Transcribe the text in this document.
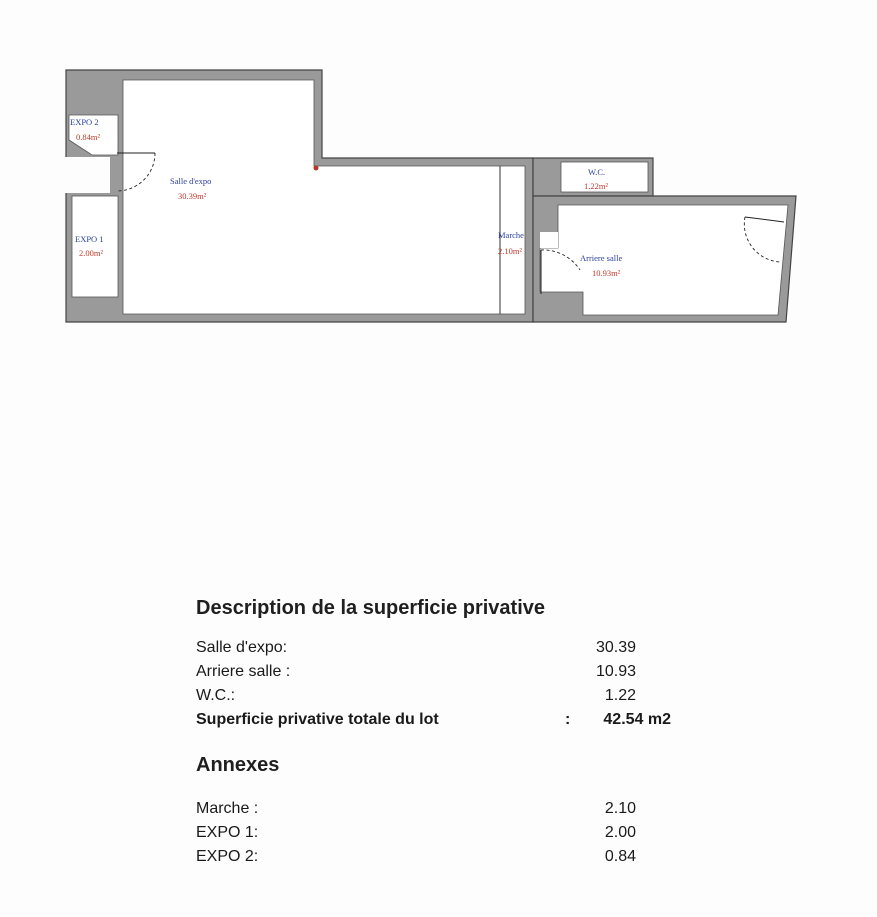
EXPO 2
0.84m²
EXPO 1
2.00m²
Salle d'expo
30.39m²
Marche
2.10m²
W.C.
1.22m²
Arriere salle
10.93m²
Description de la superficie privative
Salle d'expo:	30.39
Arriere salle :	10.93
W.C.:	1.22
Superficie privative totale du lot	: 42.54 m2
Annexes
Marche :	2.10
EXPO 1:	2.00
EXPO 2:	0.84
